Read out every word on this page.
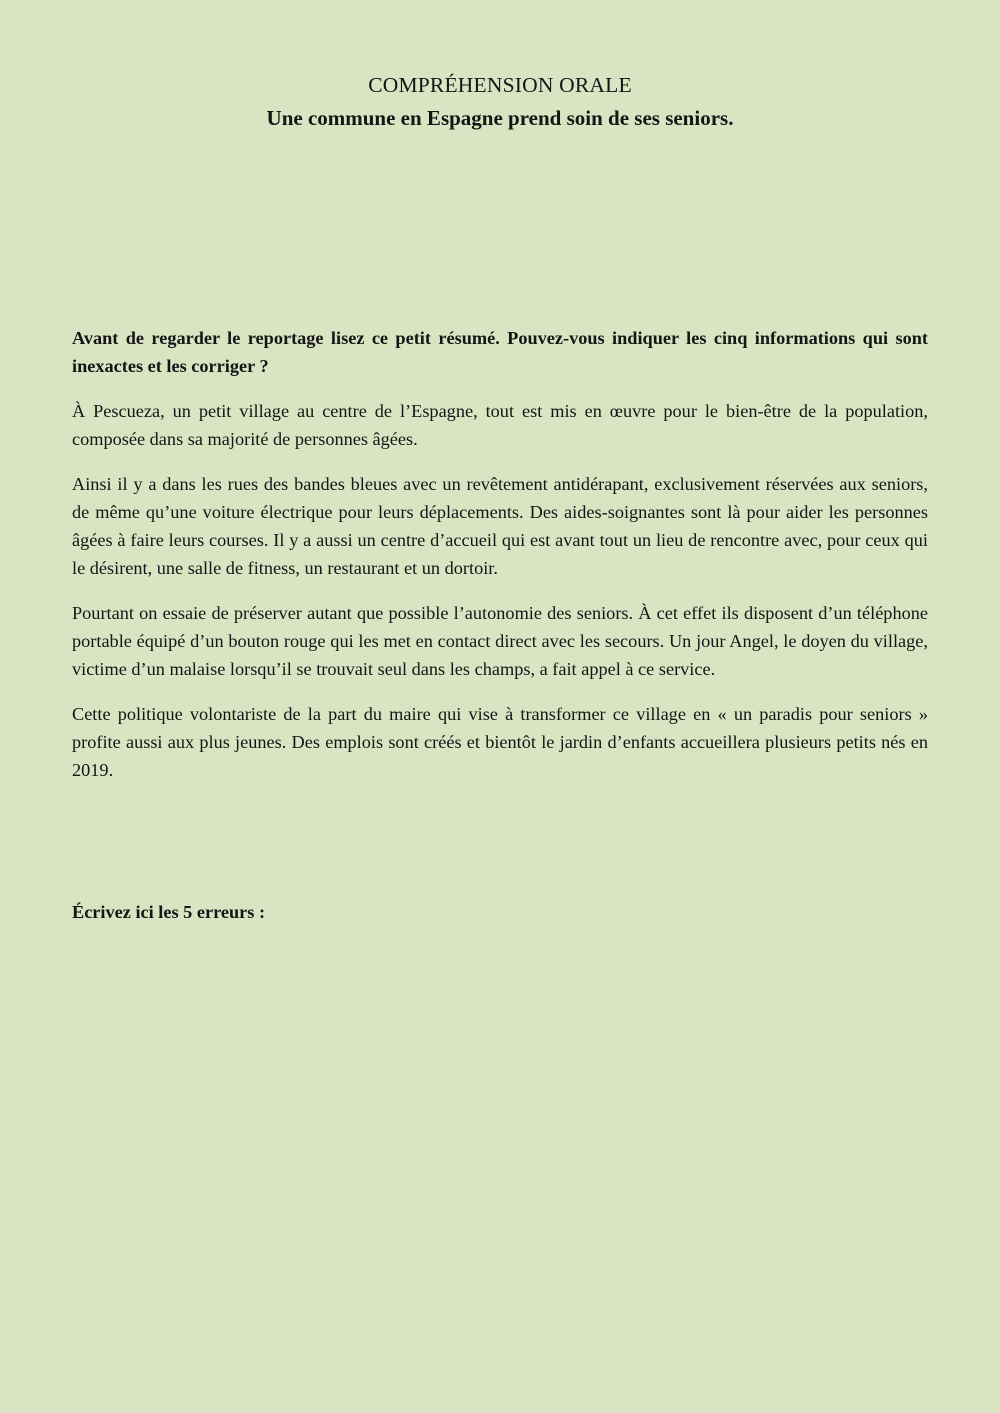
COMPRÉHENSION ORALE
Une commune en Espagne prend soin de ses seniors.

Avant de regarder le reportage lisez ce petit résumé. Pouvez-vous indiquer les cinq informations qui sont inexactes et les corriger ?

À Pescueza, un petit village au centre de l’Espagne, tout est mis en œuvre pour le bien-être de la population, composée dans sa majorité de personnes âgées.

Ainsi il y a dans les rues des bandes bleues avec un revêtement antidérapant, exclusivement réservées aux seniors, de même qu’une voiture électrique pour leurs déplacements. Des aides-soignantes sont là pour aider les personnes âgées à faire leurs courses. Il y a aussi un centre d’accueil qui est avant tout un lieu de rencontre avec, pour ceux qui le désirent, une salle de fitness, un restaurant et un dortoir.

Pourtant on essaie de préserver autant que possible l’autonomie des seniors. À cet effet ils disposent d’un téléphone portable équipé d’un bouton rouge qui les met en contact direct avec les secours. Un jour Angel, le doyen du village, victime d’un malaise lorsqu’il se trouvait seul dans les champs, a fait appel à ce service.

Cette politique volontariste de la part du maire qui vise à transformer ce village en « un paradis pour seniors » profite aussi aux plus jeunes. Des emplois sont créés et bientôt le jardin d’enfants accueillera plusieurs petits nés en 2019.

Écrivez ici les 5 erreurs :
